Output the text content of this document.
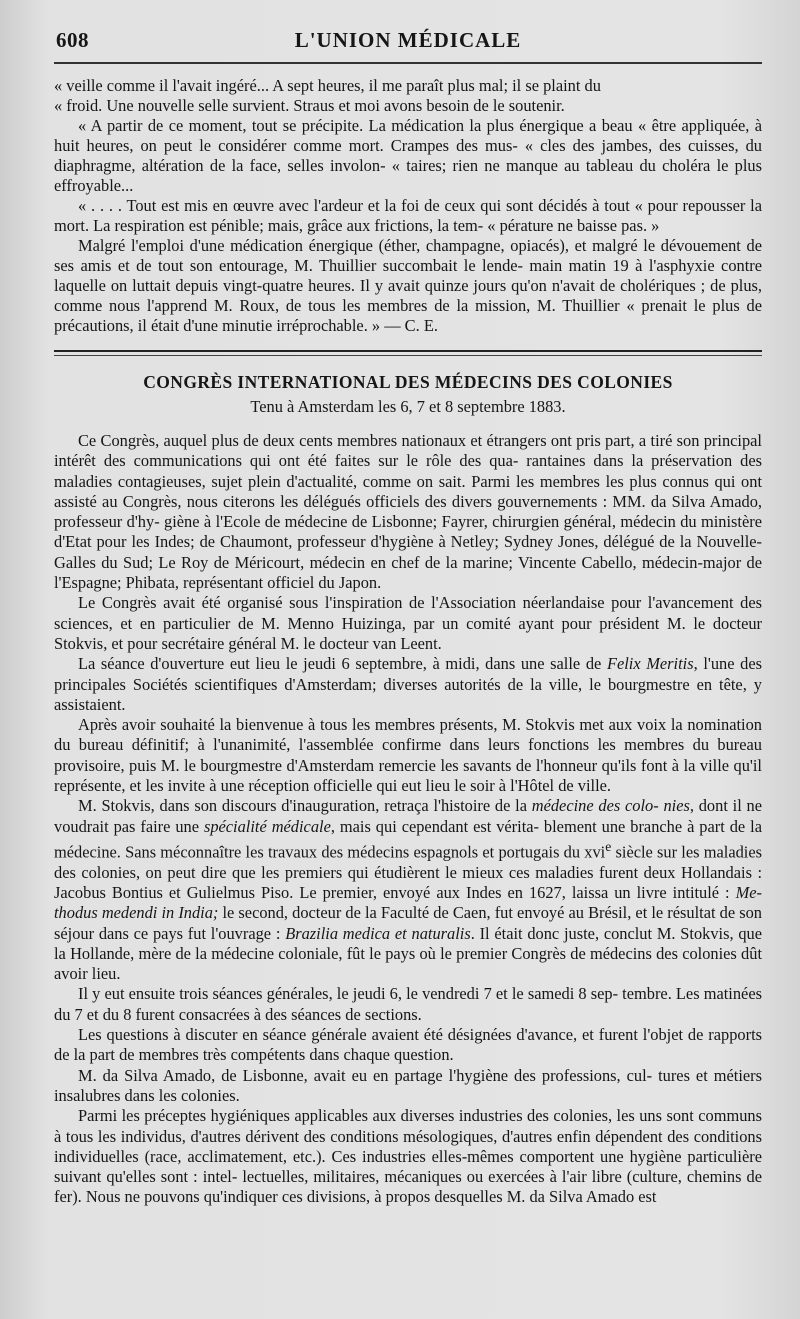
608	L'UNION MÉDICALE

« veille comme il l'avait ingéré... A sept heures, il me paraît plus mal; il se plaint du

« froid. Une nouvelle selle survient. Straus et moi avons besoin de le soutenir.

« A partir de ce moment, tout se précipite. La médication la plus énergique a beau « être appliquée, à huit heures, on peut le considérer comme mort. Crampes des mus- « cles des jambes, des cuisses, du diaphragme, altération de la face, selles involon- « taires; rien ne manque au tableau du choléra le plus effroyable...

« . . . . Tout est mis en œuvre avec l'ardeur et la foi de ceux qui sont décidés à tout « pour repousser la mort. La respiration est pénible; mais, grâce aux frictions, la tem- « pérature ne baisse pas. »

Malgré l'emploi d'une médication énergique (éther, champagne, opiacés), et malgré le dévouement de ses amis et de tout son entourage, M. Thuillier succombait le lende- main matin 19 à l'asphyxie contre laquelle on luttait depuis vingt-quatre heures. Il y avait quinze jours qu'on n'avait de cholériques ; de plus, comme nous l'apprend M. Roux, de tous les membres de la mission, M. Thuillier « prenait le plus de précautions, il était d'une minutie irréprochable. » — C. E.

CONGRÈS INTERNATIONAL DES MÉDECINS DES COLONIES
Tenu à Amsterdam les 6, 7 et 8 septembre 1883.

Ce Congrès, auquel plus de deux cents membres nationaux et étrangers ont pris part, a tiré son principal intérêt des communications qui ont été faites sur le rôle des qua- rantaines dans la préservation des maladies contagieuses, sujet plein d'actualité, comme on sait. Parmi les membres les plus connus qui ont assisté au Congrès, nous citerons les délégués officiels des divers gouvernements : MM. da Silva Amado, professeur d'hy- giène à l'Ecole de médecine de Lisbonne; Fayrer, chirurgien général, médecin du ministère d'Etat pour les Indes; de Chaumont, professeur d'hygiène à Netley; Sydney Jones, délégué de la Nouvelle-Galles du Sud; Le Roy de Méricourt, médecin en chef de la marine; Vincente Cabello, médecin-major de l'Espagne; Phibata, représentant officiel du Japon.

Le Congrès avait été organisé sous l'inspiration de l'Association néerlandaise pour l'avancement des sciences, et en particulier de M. Menno Huizinga, par un comité ayant pour président M. le docteur Stokvis, et pour secrétaire général M. le docteur van Leent.

La séance d'ouverture eut lieu le jeudi 6 septembre, à midi, dans une salle de Felix Meritis, l'une des principales Sociétés scientifiques d'Amsterdam; diverses autorités de la ville, le bourgmestre en tête, y assistaient.

Après avoir souhaité la bienvenue à tous les membres présents, M. Stokvis met aux voix la nomination du bureau définitif; à l'unanimité, l'assemblée confirme dans leurs fonctions les membres du bureau provisoire, puis M. le bourgmestre d'Amsterdam remercie les savants de l'honneur qu'ils font à la ville qu'il représente, et les invite à une réception officielle qui eut lieu le soir à l'Hôtel de ville.

M. Stokvis, dans son discours d'inauguration, retraça l'histoire de la médecine des colo- nies, dont il ne voudrait pas faire une spécialité médicale, mais qui cependant est vérita- blement une branche à part de la médecine. Sans méconnaître les travaux des médecins espagnols et portugais du xvi$^e$ siècle sur les maladies des colonies, on peut dire que les premiers qui étudièrent le mieux ces maladies furent deux Hollandais : Jacobus Bontius et Gulielmus Piso. Le premier, envoyé aux Indes en 1627, laissa un livre intitulé : Me- thodus medendi in India; le second, docteur de la Faculté de Caen, fut envoyé au Brésil, et le résultat de son séjour dans ce pays fut l'ouvrage : Brazilia medica et naturalis. Il était donc juste, conclut M. Stokvis, que la Hollande, mère de la médecine coloniale, fût le pays où le premier Congrès de médecins des colonies dût avoir lieu.

Il y eut ensuite trois séances générales, le jeudi 6, le vendredi 7 et le samedi 8 sep- tembre. Les matinées du 7 et du 8 furent consacrées à des séances de sections.

Les questions à discuter en séance générale avaient été désignées d'avance, et furent l'objet de rapports de la part de membres très compétents dans chaque question.

M. da Silva Amado, de Lisbonne, avait eu en partage l'hygiène des professions, cul- tures et métiers insalubres dans les colonies.

Parmi les préceptes hygiéniques applicables aux diverses industries des colonies, les uns sont communs à tous les individus, d'autres dérivent des conditions mésologiques, d'autres enfin dépendent des conditions individuelles (race, acclimatement, etc.). Ces industries elles-mêmes comportent une hygiène particulière suivant qu'elles sont : intel- lectuelles, militaires, mécaniques ou exercées à l'air libre (culture, chemins de fer). Nous ne pouvons qu'indiquer ces divisions, à propos desquelles M. da Silva Amado est
